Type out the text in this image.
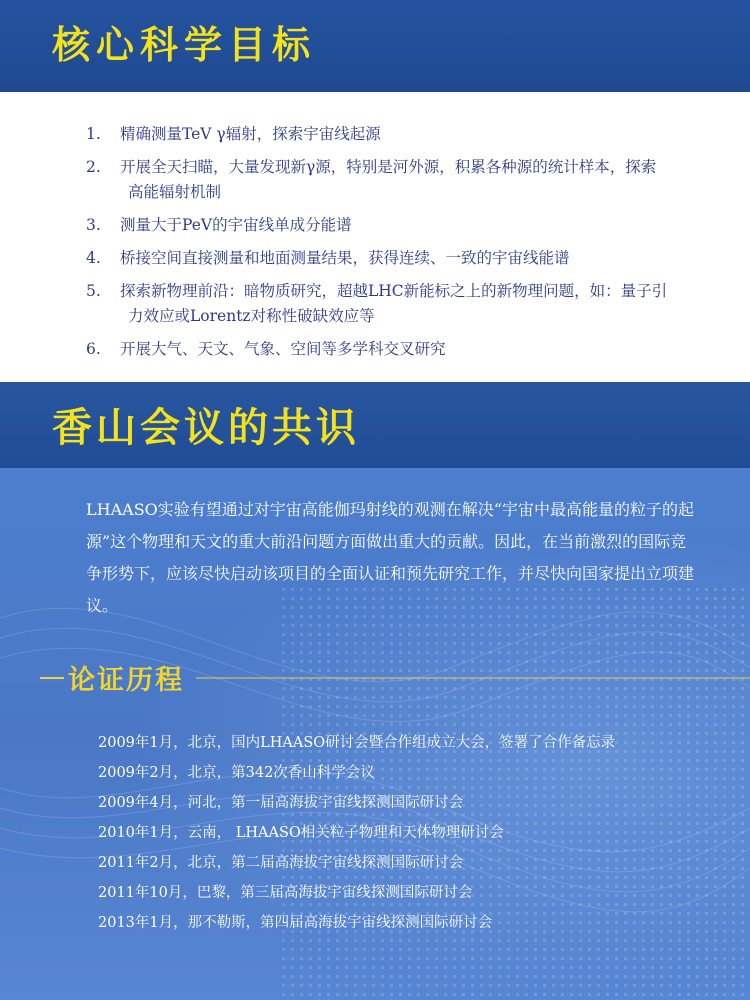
核心科学目标
1. 精确测量TeV γ辐射，探索宇宙线起源
2. 开展全天扫瞄，大量发现新γ源，特别是河外源，积累各种源的统计样本，探索
高能辐射机制
3. 测量大于PeV的宇宙线单成分能谱
4. 桥接空间直接测量和地面测量结果，获得连续、一致的宇宙线能谱
5. 探索新物理前沿：暗物质研究，超越LHC新能标之上的新物理问题，如：量子引
力效应或Lorentz对称性破缺效应等
6. 开展大气、天文、气象、空间等多学科交叉研究
香山会议的共识

LHAASO实验有望通过对宇宙高能伽玛射线的观测在解决“宇宙中最高能量的粒子的起源”这个物理和天文的重大前沿问题方面做出重大的贡献。因此，在当前激烈的国际竞争形势下，应该尽快启动该项目的全面认证和预先研究工作，并尽快向国家提出立项建议。

论证历程
2009年1月，北京，国内LHAASO研讨会暨合作组成立大会，签署了合作备忘录
2009年2月，北京，第342次香山科学会议
2009年4月，河北，第一届高海拔宇宙线探测国际研讨会
2010年1月，云南， LHAASO相关粒子物理和天体物理研讨会
2011年2月，北京，第二届高海拔宇宙线探测国际研讨会
2011年10月，巴黎，第三届高海拔宇宙线探测国际研讨会
2013年1月，那不勒斯，第四届高海拔宇宙线探测国际研讨会
